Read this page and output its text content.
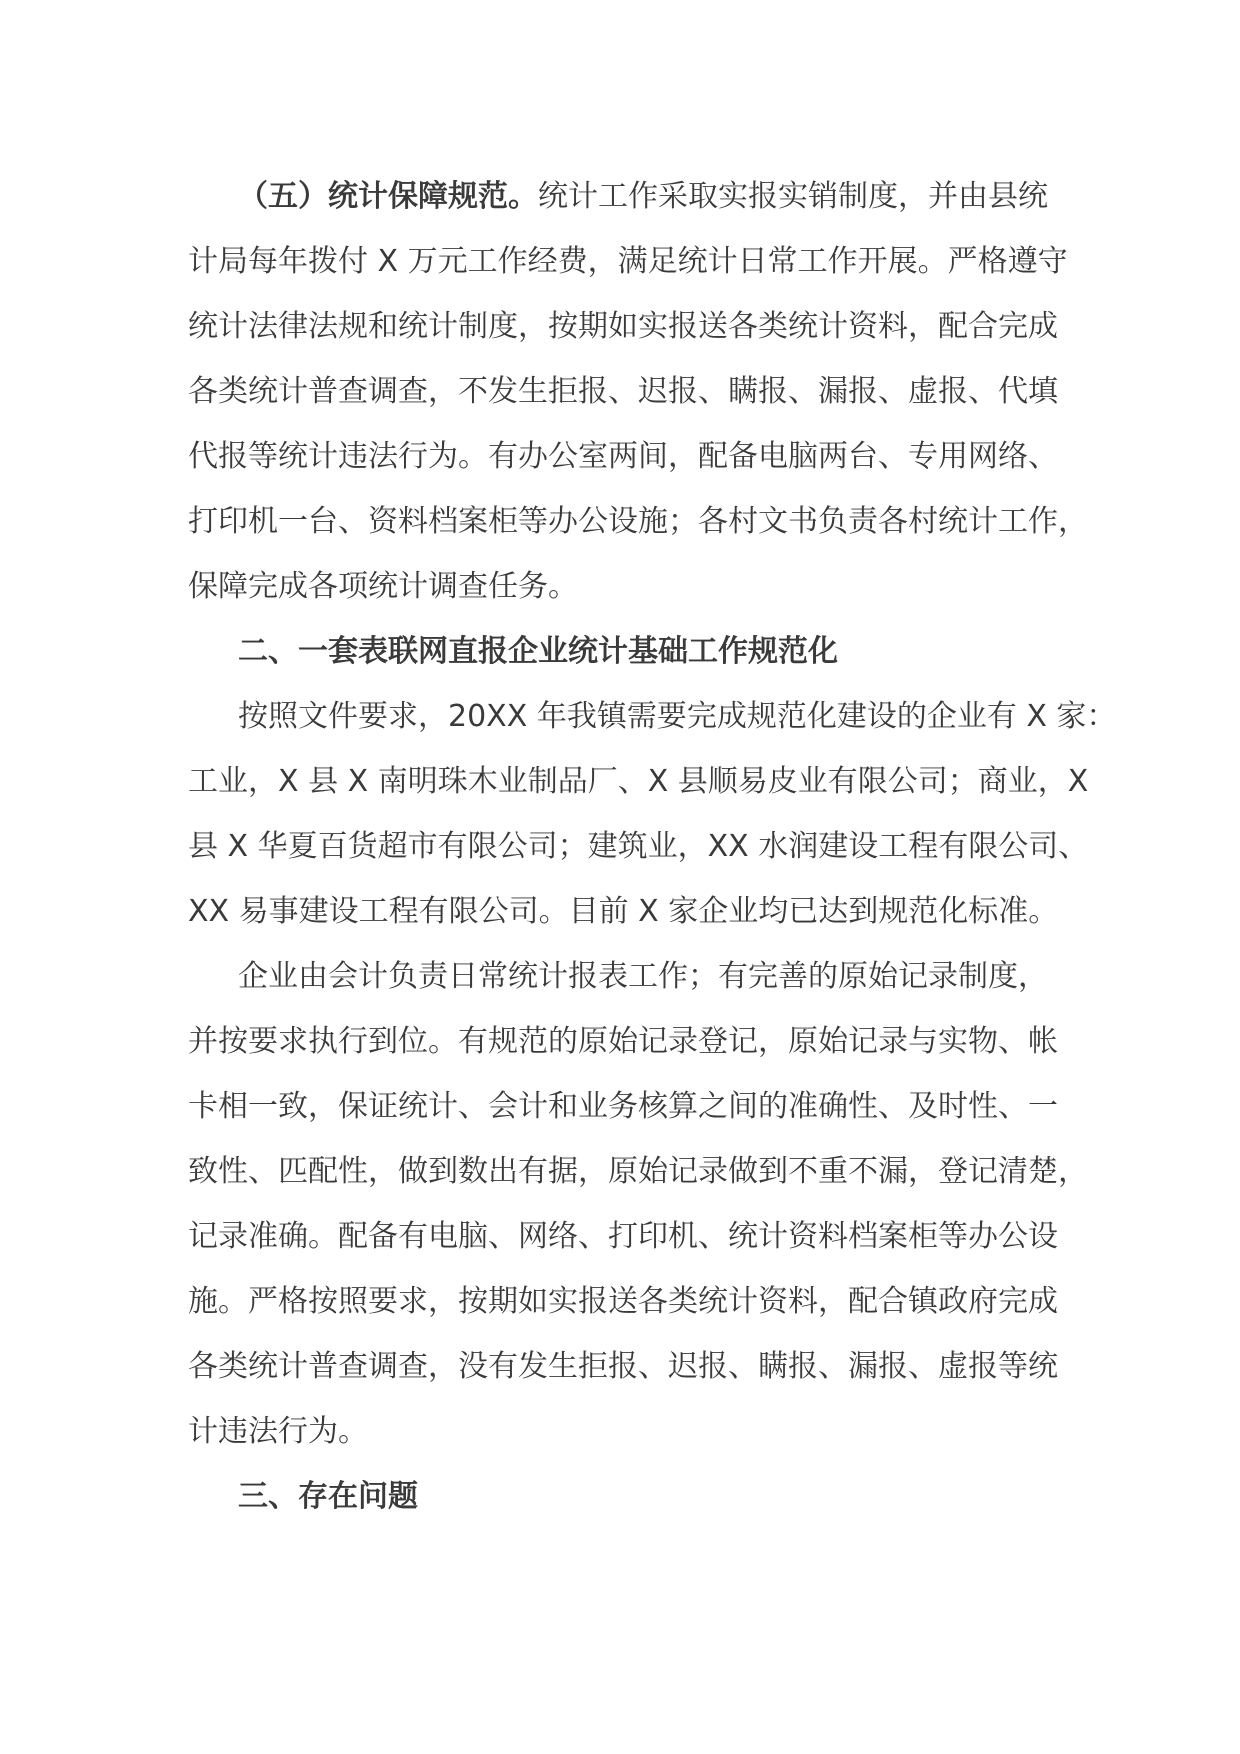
（五）统计保障规范。统计工作采取实报实销制度，并由县统
计局每年拨付 X 万元工作经费，满足统计日常工作开展。严格遵守
统计法律法规和统计制度，按期如实报送各类统计资料，配合完成
各类统计普查调查，不发生拒报、迟报、瞒报、漏报、虚报、代填
代报等统计违法行为。有办公室两间，配备电脑两台、专用网络、
打印机一台、资料档案柜等办公设施；各村文书负责各村统计工作，
保障完成各项统计调查任务。
二、一套表联网直报企业统计基础工作规范化
按照文件要求，20XX 年我镇需要完成规范化建设的企业有 X 家：
工业，X 县 X 南明珠木业制品厂、X 县顺易皮业有限公司；商业，X
县 X 华夏百货超市有限公司；建筑业，XX 水润建设工程有限公司、
XX 易事建设工程有限公司。目前 X 家企业均已达到规范化标准。
企业由会计负责日常统计报表工作；有完善的原始记录制度，
并按要求执行到位。有规范的原始记录登记，原始记录与实物、帐
卡相一致，保证统计、会计和业务核算之间的准确性、及时性、一
致性、匹配性，做到数出有据，原始记录做到不重不漏，登记清楚，
记录准确。配备有电脑、网络、打印机、统计资料档案柜等办公设
施。严格按照要求，按期如实报送各类统计资料，配合镇政府完成
各类统计普查调查，没有发生拒报、迟报、瞒报、漏报、虚报等统
计违法行为。
三、存在问题
